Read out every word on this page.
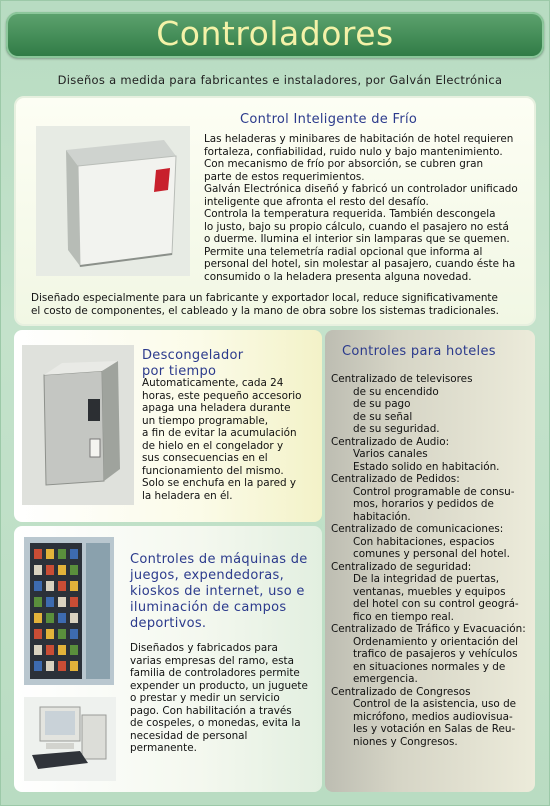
Controladores
Diseños a medida para fabricantes e instaladores, por Galván Electrónica
Control Inteligente de Frío
Las heladeras y minibares de habitación de hotel requieren
fortaleza, confiabilidad, ruido nulo y bajo mantenimiento.
Con mecanismo de frío por absorción, se cubren gran
parte de estos requerimientos.
Galván Electrónica diseñó y fabricó un controlador unificado
inteligente que afronta el resto del desafío.
Controla la temperatura requerida. También descongela
lo justo, bajo su propio cálculo, cuando el pasajero no está
o duerme. Ilumina el interior sin lamparas que se quemen.
Permite una telemetría radial opcional que informa al
personal del hotel, sin molestar al pasajero, cuando éste ha
consumido o la heladera presenta alguna novedad.
Diseñado especialmente para un fabricante y exportador local, reduce significativamente
el costo de componentes, el cableado y la mano de obra sobre los sistemas tradicionales.
Descongelador
por tiempo
Automaticamente, cada 24
horas, este pequeño accesorio
apaga una heladera durante
un tiempo programable,
a fin de evitar la acumulación
de hielo en el congelador y
sus consecuencias en el
funcionamiento del mismo.
Solo se enchufa en la pared y
la heladera en él.
Controles para hoteles
Centralizado de televisores
de su encendido
de su pago
de su señal
de su seguridad.
Centralizado de Audio:
Varios canales
Estado solido en habitación.
Centralizado de Pedidos:
Control programable de consu-
mos, horarios y pedidos de
habitación.
Centralizado de comunicaciones:
Con habitaciones, espacios
comunes y personal del hotel.
Centralizado de seguridad:
De la integridad de puertas,
ventanas, muebles y equipos
del hotel con su control geográ-
fico en tiempo real.
Centralizado de Tráfico y Evacuación:
Ordenamiento y orientación del
trafico de pasajeros y vehículos
en situaciones normales y de
emergencia.
Centralizado de Congresos
Control de la asistencia, uso de
micrófono, medios audiovisua-
les y votación en Salas de Reu-
niones y Congresos.
Controles de máquinas de
juegos, expendedoras,
kioskos de internet, uso e
iluminación de campos
deportivos.
Diseñados y fabricados para
varias empresas del ramo, esta
familia de controladores permite
expender un producto, un juguete
o prestar y medir un servicio
pago. Con habilitación a través
de cospeles, o monedas, evita la
necesidad de personal
permanente.
